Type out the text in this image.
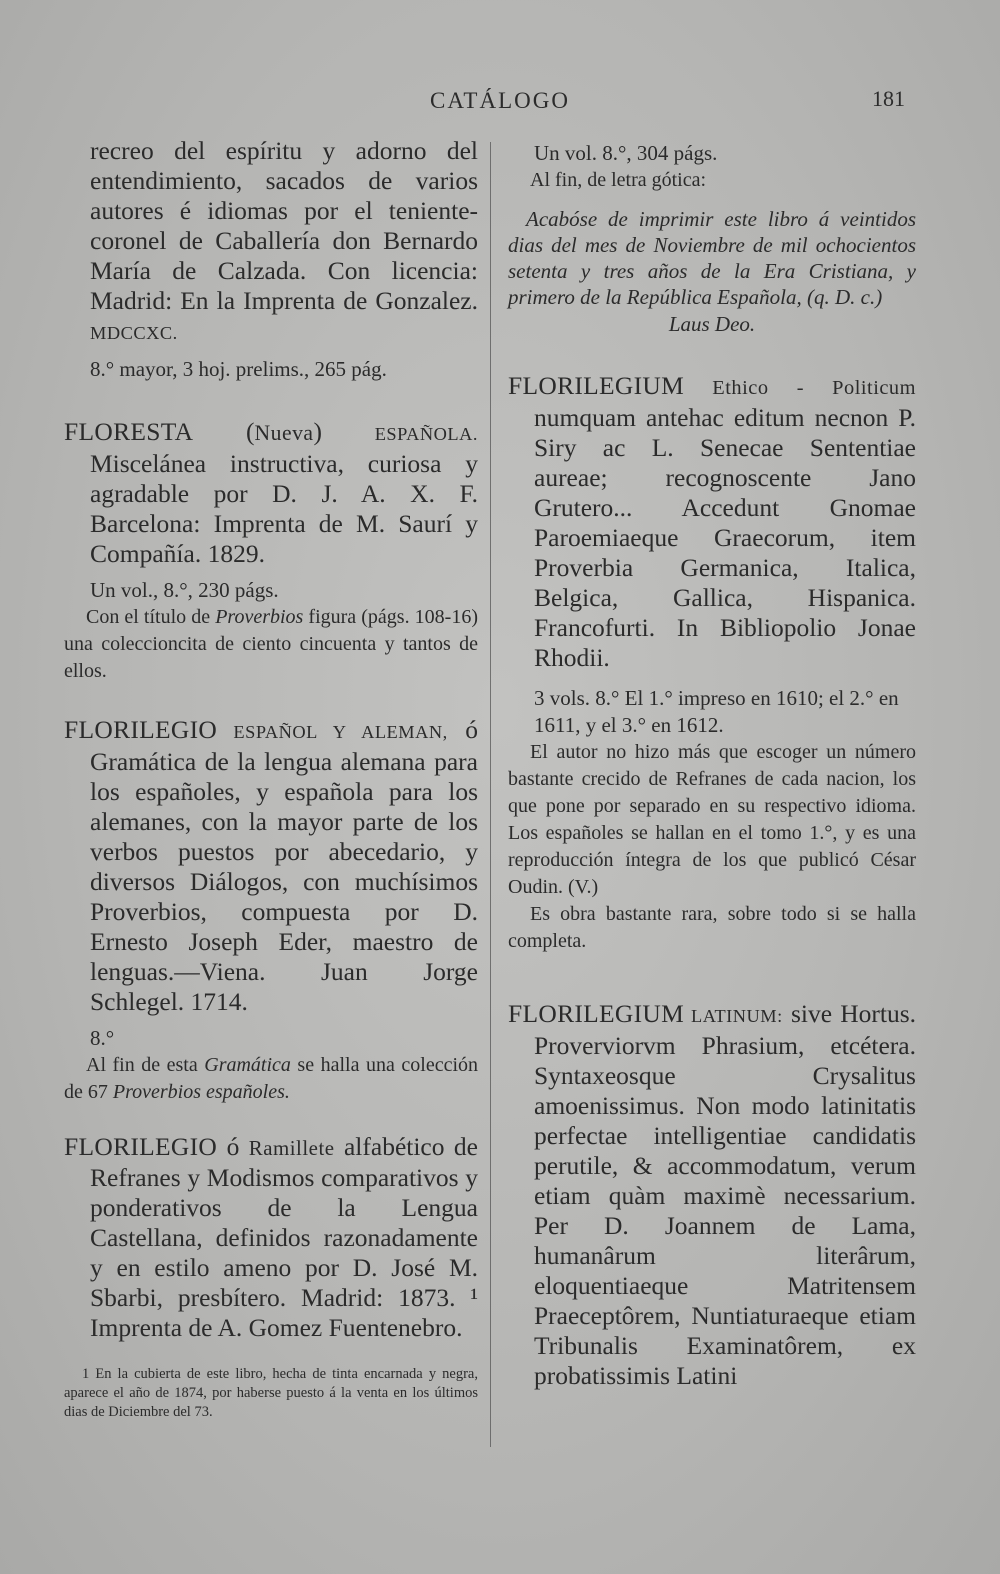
CATÁLOGO	181

recreo del espíritu y adorno del entendimiento, sacados de varios autores é idiomas por el teniente-coronel de Caballería don Bernardo María de Calzada. Con licencia: Madrid: En la Imprenta de Gonzalez. MDCCXC.

8.° mayor, 3 hoj. prelims., 265 pág.

FLORESTA (Nueva) ESPAÑOLA. Miscelánea instructiva, curiosa y agradable por D. J. A. X. F. Barcelona: Imprenta de M. Saurí y Compañía. 1829.

Un vol., 8.°, 230 págs.

Con el título de Proverbios figura (págs. 108-16) una coleccioncita de ciento cincuenta y tantos de ellos.

FLORILEGIO ESPAÑOL Y ALEMAN, ó Gramática de la lengua alemana para los españoles, y española para los alemanes, con la mayor parte de los verbos puestos por abecedario, y diversos Diálogos, con muchísimos Proverbios, compuesta por D. Ernesto Joseph Eder, maestro de lenguas.—Viena. Juan Jorge Schlegel. 1714.

8.°

Al fin de esta Gramática se halla una colección de 67 Proverbios españoles.

FLORILEGIO ó Ramillete alfabético de Refranes y Modismos comparativos y ponderativos de la Lengua Castellana, definidos razonadamente y en estilo ameno por D. José M. Sbarbi, presbítero. Madrid: 1873. ¹ Imprenta de A. Gomez Fuentenebro.

1 En la cubierta de este libro, hecha de tinta encarnada y negra, aparece el año de 1874, por haberse puesto á la venta en los últimos dias de Diciembre del 73.

Un vol. 8.°, 304 págs.

Al fin, de letra gótica:

Acabóse de imprimir este libro á veintidos dias del mes de Noviembre de mil ochocientos setenta y tres años de la Era Cristiana, y primero de la República Española, (q. D. c.)

Laus Deo.

FLORILEGIUM Ethico - Politicum numquam antehac editum necnon P. Siry ac L. Senecae Sententiae aureae; recognoscente Jano Grutero... Accedunt Gnomae Paroemiaeque Graecorum, item Proverbia Germanica, Italica, Belgica, Gallica, Hispanica. Francofurti. In Bibliopolio Jonae Rhodii.

3 vols. 8.° El 1.° impreso en 1610; el 2.° en 1611, y el 3.° en 1612.

El autor no hizo más que escoger un número bastante crecido de Refranes de cada nacion, los que pone por separado en su respectivo idioma. Los españoles se hallan en el tomo 1.°, y es una reproducción íntegra de los que publicó César Oudin. (V.)

Es obra bastante rara, sobre todo si se halla completa.

FLORILEGIUM LATINUM: sive Hortus. Proverviorvm Phrasium, etcétera. Syntaxeosque Crysalitus amoenissimus. Non modo latinitatis perfectae intelligentiae candidatis perutile, & accommodatum, verum etiam quàm maximè necessarium. Per D. Joannem de Lama, humanârum literârum, eloquentiaeque Matritensem Praeceptôrem, Nuntiaturaeque etiam Tribunalis Examinatôrem, ex probatissimis Latini
